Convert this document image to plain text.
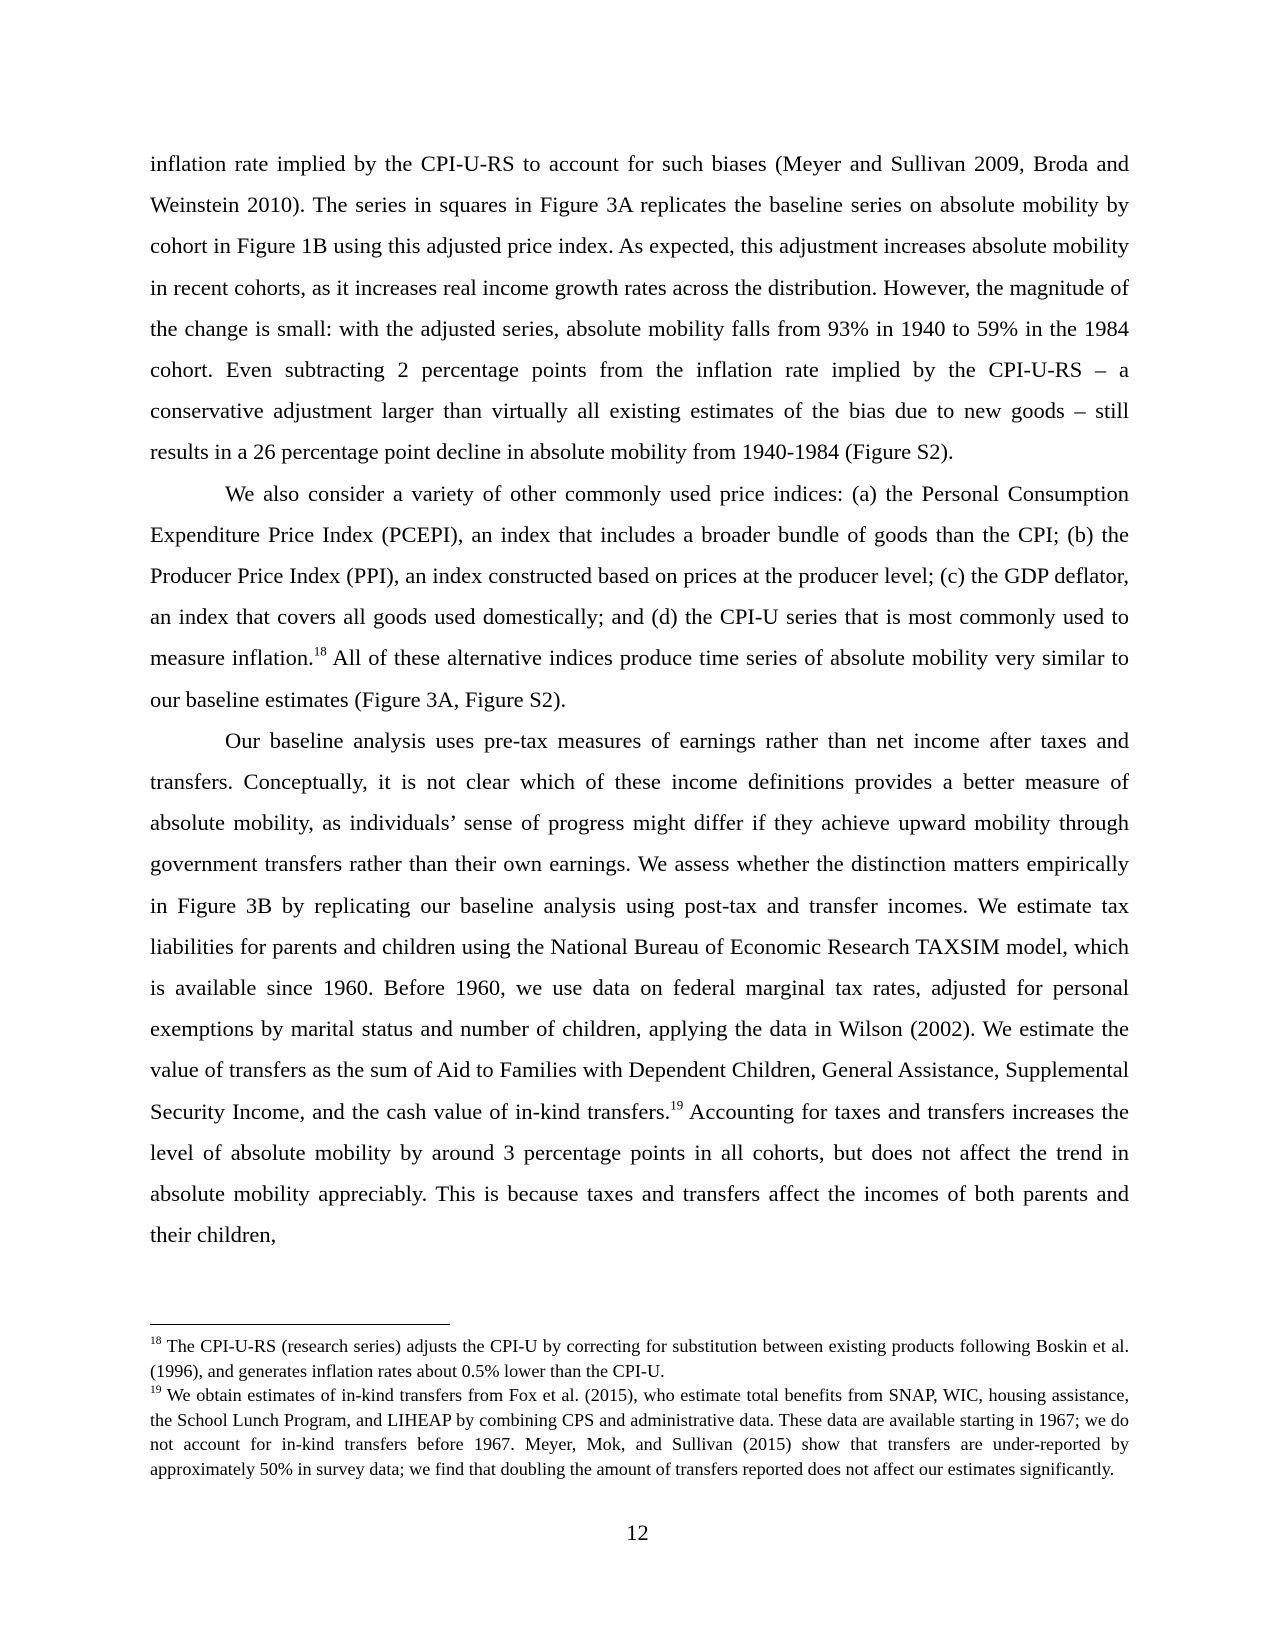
inflation rate implied by the CPI-U-RS to account for such biases (Meyer and Sullivan 2009, Broda and Weinstein 2010). The series in squares in Figure 3A replicates the baseline series on absolute mobility by cohort in Figure 1B using this adjusted price index. As expected, this adjustment increases absolute mobility in recent cohorts, as it increases real income growth rates across the distribution. However, the magnitude of the change is small: with the adjusted series, absolute mobility falls from 93% in 1940 to 59% in the 1984 cohort. Even subtracting 2 percentage points from the inflation rate implied by the CPI-U-RS – a conservative adjustment larger than virtually all existing estimates of the bias due to new goods – still results in a 26 percentage point decline in absolute mobility from 1940-1984 (Figure S2).

We also consider a variety of other commonly used price indices: (a) the Personal Consumption Expenditure Price Index (PCEPI), an index that includes a broader bundle of goods than the CPI; (b) the Producer Price Index (PPI), an index constructed based on prices at the producer level; (c) the GDP deflator, an index that covers all goods used domestically; and (d) the CPI-U series that is most commonly used to measure inflation.$^{18}$ All of these alternative indices produce time series of absolute mobility very similar to our baseline estimates (Figure 3A, Figure S2).

Our baseline analysis uses pre-tax measures of earnings rather than net income after taxes and transfers. Conceptually, it is not clear which of these income definitions provides a better measure of absolute mobility, as individuals’ sense of progress might differ if they achieve upward mobility through government transfers rather than their own earnings. We assess whether the distinction matters empirically in Figure 3B by replicating our baseline analysis using post-tax and transfer incomes. We estimate tax liabilities for parents and children using the National Bureau of Economic Research TAXSIM model, which is available since 1960. Before 1960, we use data on federal marginal tax rates, adjusted for personal exemptions by marital status and number of children, applying the data in Wilson (2002). We estimate the value of transfers as the sum of Aid to Families with Dependent Children, General Assistance, Supplemental Security Income, and the cash value of in-kind transfers.$^{19}$ Accounting for taxes and transfers increases the level of absolute mobility by around 3 percentage points in all cohorts, but does not affect the trend in absolute mobility appreciably. This is because taxes and transfers affect the incomes of both parents and their children,

$^{18}$ The CPI-U-RS (research series) adjusts the CPI-U by correcting for substitution between existing products following Boskin et al. (1996), and generates inflation rates about 0.5% lower than the CPI-U.

$^{19}$ We obtain estimates of in-kind transfers from Fox et al. (2015), who estimate total benefits from SNAP, WIC, housing assistance, the School Lunch Program, and LIHEAP by combining CPS and administrative data. These data are available starting in 1967; we do not account for in-kind transfers before 1967. Meyer, Mok, and Sullivan (2015) show that transfers are under-reported by approximately 50% in survey data; we find that doubling the amount of transfers reported does not affect our estimates significantly.

12
